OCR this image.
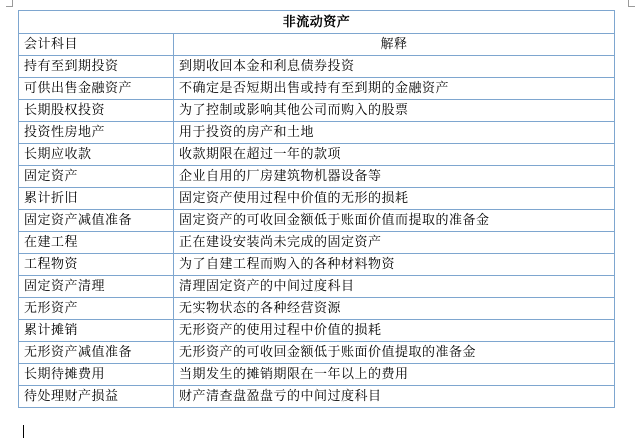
非流动资产	
会计科目	解释
持有至到期投资	到期收回本金和利息债券投资
可供出售金融资产	不确定是否短期出售或持有至到期的金融资产
长期股权投资	为了控制或影响其他公司而购入的股票
投资性房地产	用于投资的房产和土地
长期应收款	收款期限在超过一年的款项
固定资产	企业自用的厂房建筑物机器设备等
累计折旧	固定资产使用过程中价值的无形的损耗
固定资产减值准备	固定资产的可收回金额低于账面价值而提取的准备金
在建工程	正在建设安装尚未完成的固定资产
工程物资	为了自建工程而购入的各种材料物资
固定资产清理	清理固定资产的中间过度科目
无形资产	无实物状态的各种经营资源
累计摊销	无形资产的使用过程中价值的损耗
无形资产减值准备	无形资产的可收回金额低于账面价值提取的准备金
长期待摊费用	当期发生的摊销期限在一年以上的费用
待处理财产损益	财产清查盘盈盘亏的中间过度科目
